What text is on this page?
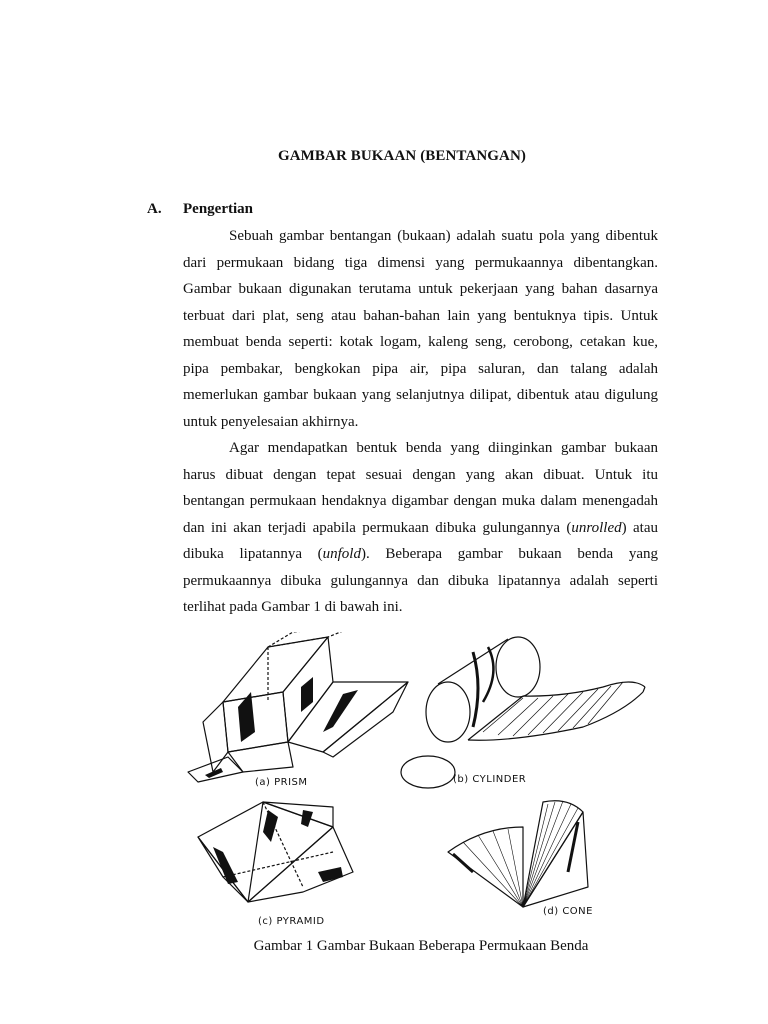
GAMBAR BUKAAN (BENTANGAN)
A. Pengertian

Sebuah gambar bentangan (bukaan) adalah suatu pola yang dibentuk dari permukaan bidang tiga dimensi yang permukaannya dibentangkan. Gambar bukaan digunakan terutama untuk pekerjaan yang bahan dasarnya terbuat dari plat, seng atau bahan-bahan lain yang bentuknya tipis. Untuk membuat benda seperti: kotak logam, kaleng seng, cerobong, cetakan kue, pipa pembakar, bengkokan pipa air, pipa saluran, dan talang adalah memerlukan gambar bukaan yang selanjutnya dilipat, dibentuk atau digulung untuk penyelesaian akhirnya.

Agar mendapatkan bentuk benda yang diinginkan gambar bukaan harus dibuat dengan tepat sesuai dengan yang akan dibuat. Untuk itu bentangan permukaan hendaknya digambar dengan muka dalam menengadah dan ini akan terjadi apabila permukaan dibuka gulungannya (unrolled) atau dibuka lipatannya (unfold). Beberapa gambar bukaan benda yang permukaannya dibuka gulungannya dan dibuka lipatannya adalah seperti terlihat pada Gambar 1 di bawah ini.

(a) PRISM	(b) CYLINDER
(c) PYRAMID
(d) CONE
Gambar 1 Gambar Bukaan Beberapa Permukaan Benda
